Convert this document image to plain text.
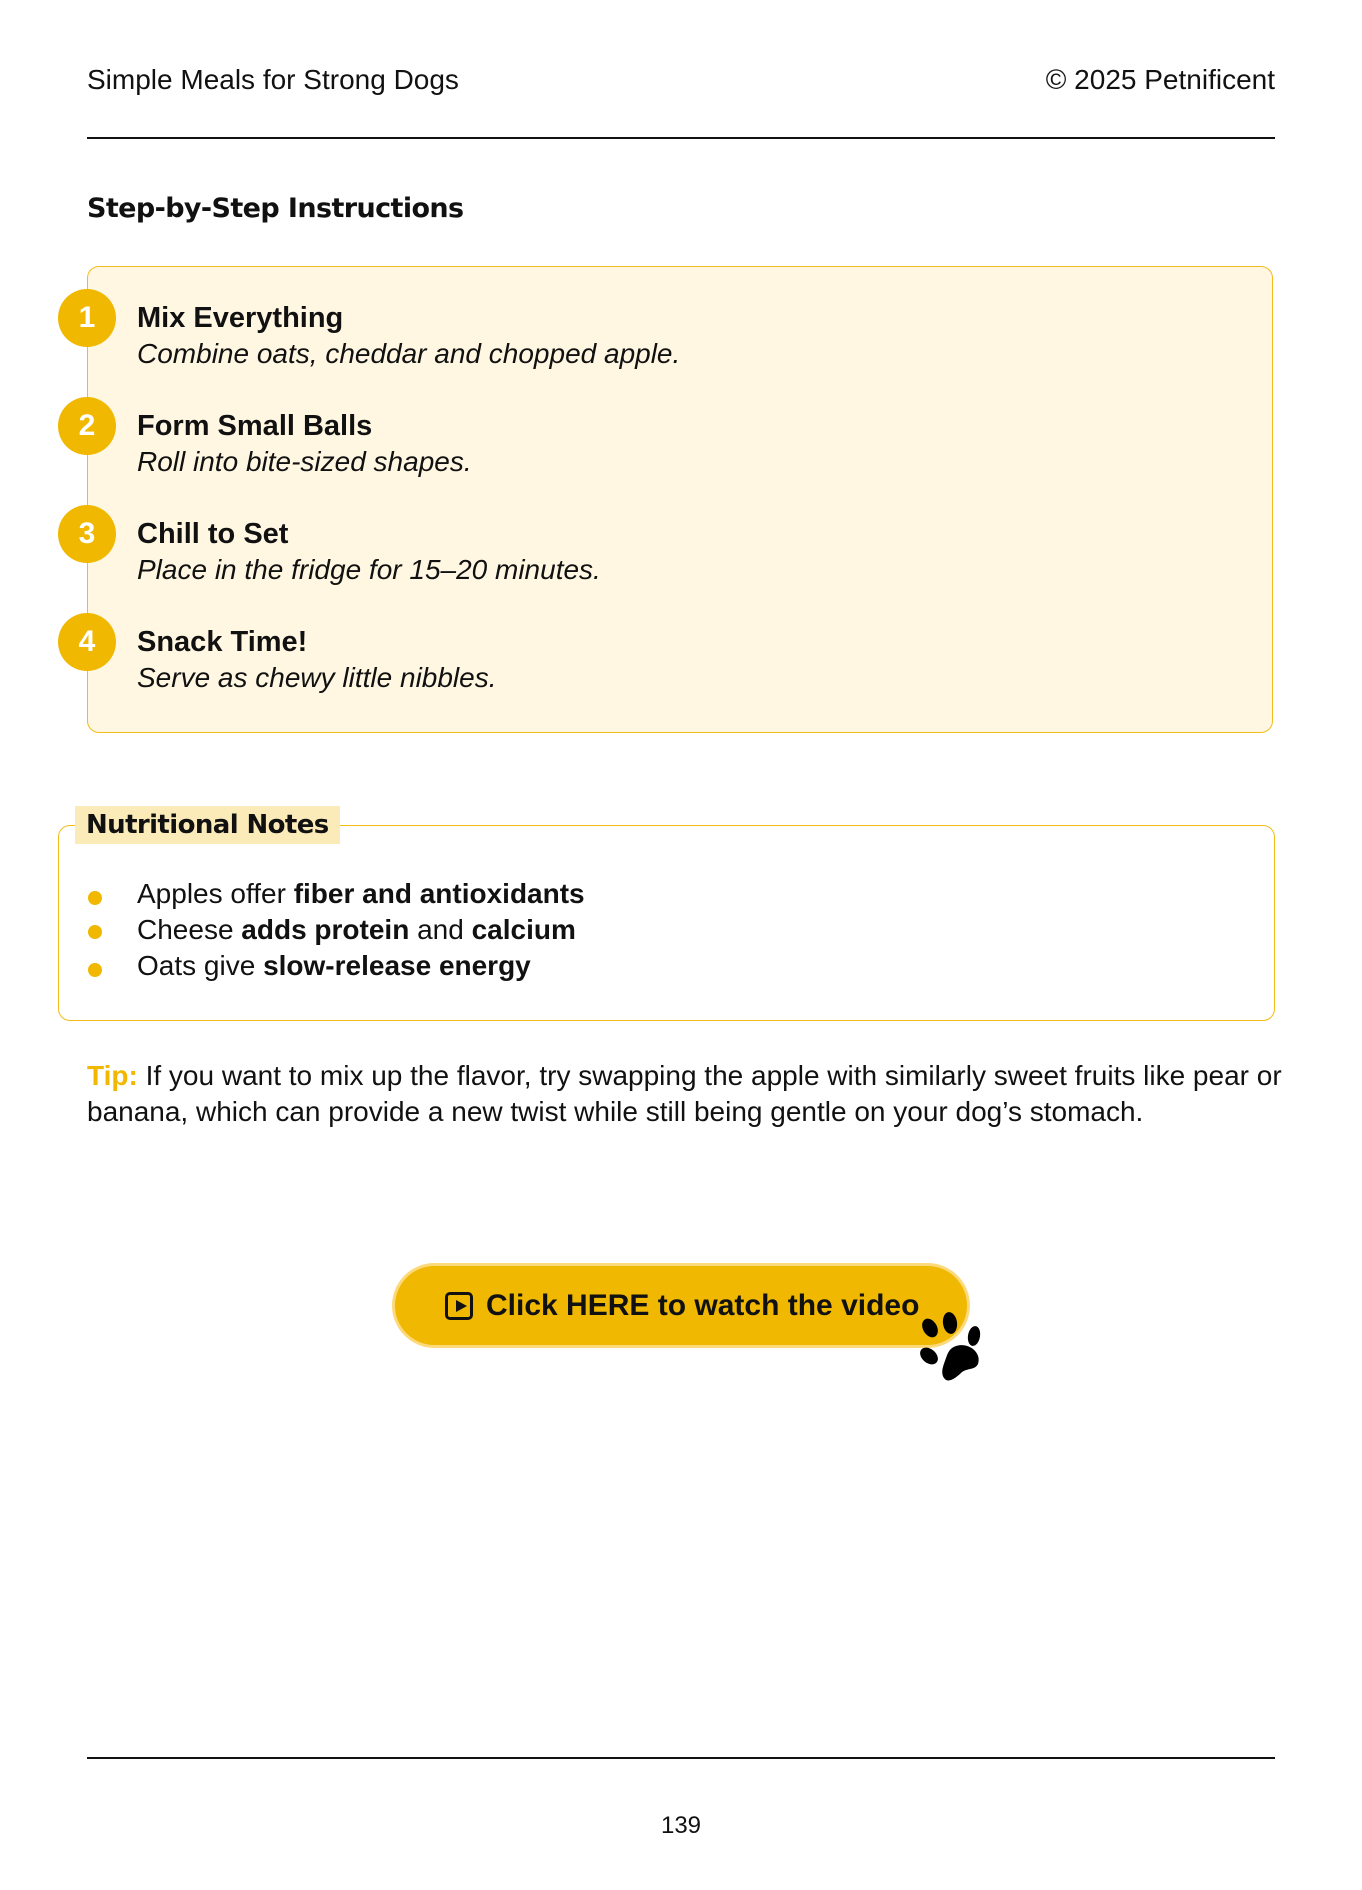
Simple Meals for Strong Dogs	© 2025 Petnificent
Step-by-Step Instructions
1	Mix Everything
Combine oats, cheddar and chopped apple.
2	Form Small Balls
Roll into bite-sized shapes.
3	Chill to Set
Place in the fridge for 15–20 minutes.
4	Snack Time!
Serve as chewy little nibbles.
Nutritional Notes
Apples offer fiber and antioxidants
Cheese adds protein and calcium
Oats give slow-release energy
Tip: If you want to mix up the flavor, try swapping the apple with similarly sweet fruits like pear or banana, which can provide a new twist while still being gentle on your dog’s stomach.
Click HERE to watch the video
139
